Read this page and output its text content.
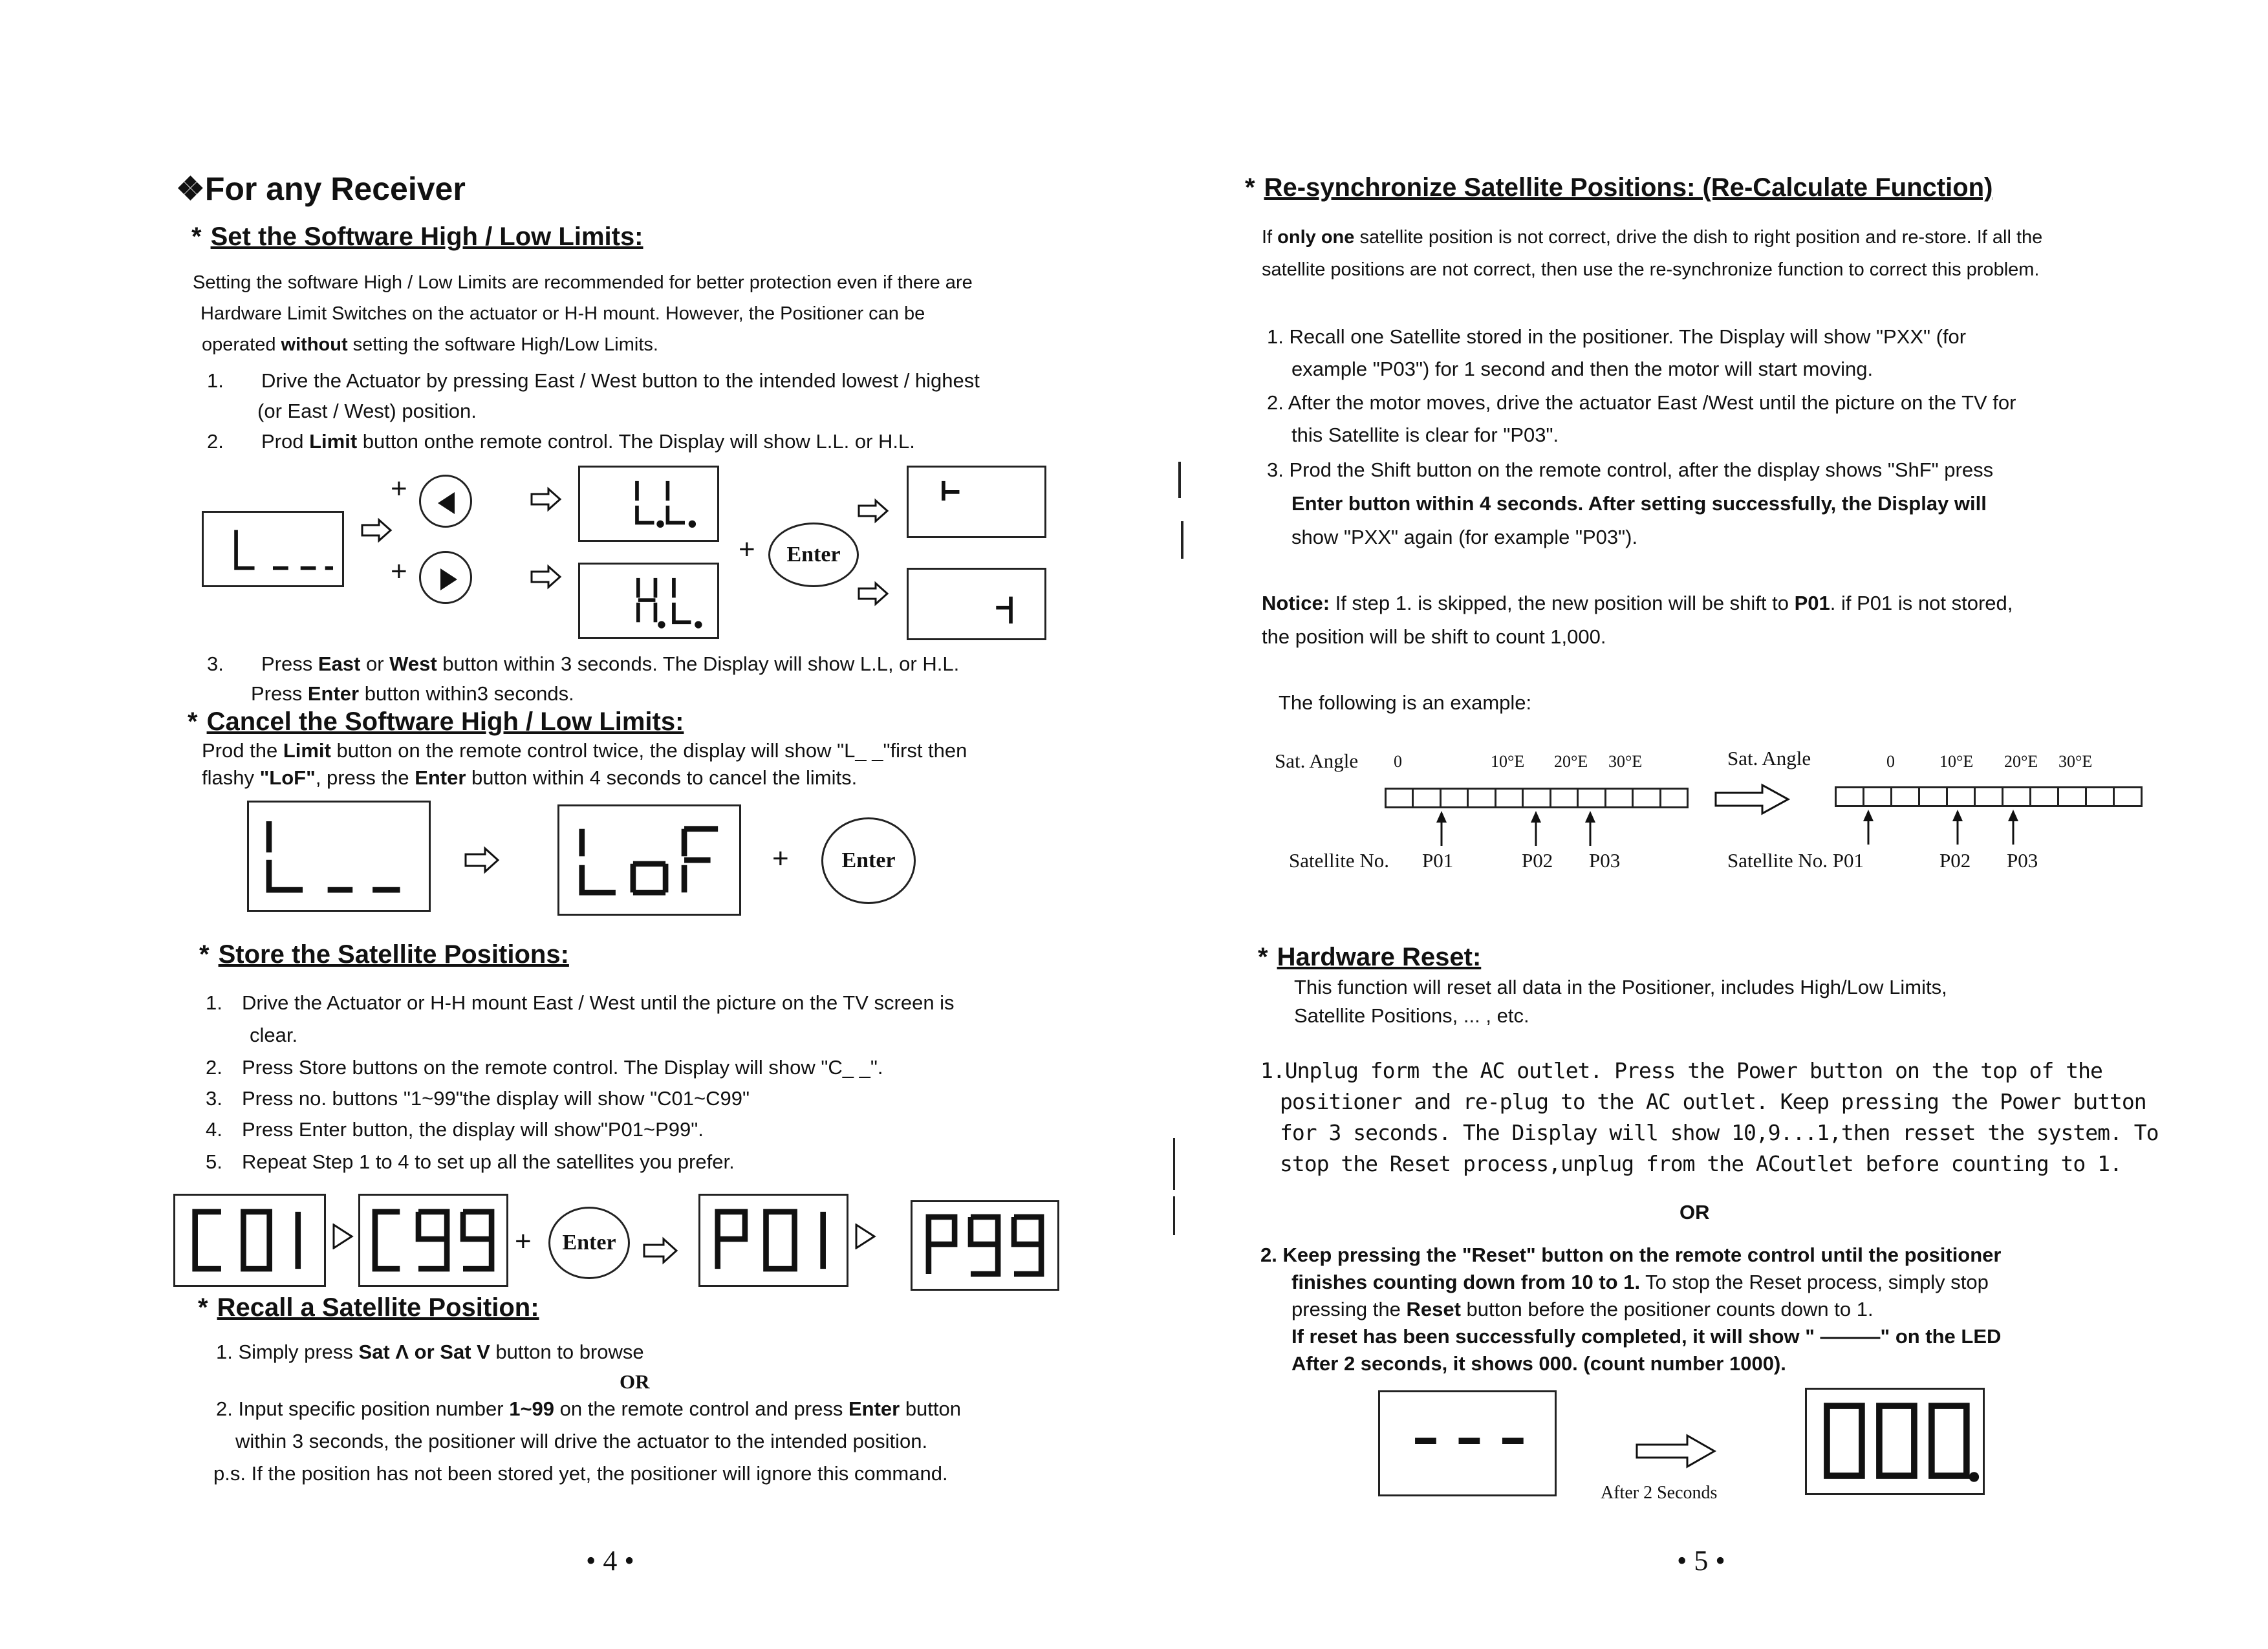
❖For any Receiver
* Set the Software High / Low Limits:
Setting the software High / Low Limits are recommended for better protection even if there are
Hardware Limit Switches on the actuator or H-H mount. However, the Positioner can be
operated without setting the software High/Low Limits.
1. Drive the Actuator by pressing East / West button to the intended lowest / highest
(or East / West) position.
2. Prod Limit button onthe remote control. The Display will show L.L. or H.L.
+
+
+	Enter
3. Press East or West button within 3 seconds. The Display will show L.L, or H.L.
Press Enter button within3 seconds.
* Cancel the Software High / Low Limits:
Prod the Limit button on the remote control twice, the display will show "L_ _"first then
flashy "LoF", press the Enter button within 4 seconds to cancel the limits.
+	Enter
* Store the Satellite Positions:
1. Drive the Actuator or H-H mount East / West until the picture on the TV screen is
clear.
2. Press Store buttons on the remote control. The Display will show "C_ _".
3. Press no. buttons "1~99"the display will show "C01~C99"
4. Press Enter button, the display will show"P01~P99".
5. Repeat Step 1 to 4 to set up all the satellites you prefer.
+	Enter
* Recall a Satellite Position:
1. Simply press Sat Λ or Sat V button to browse
OR
2. Input specific position number 1~99 on the remote control and press Enter button
within 3 seconds, the positioner will drive the actuator to the intended position.
p.s. If the position has not been stored yet, the positioner will ignore this command.
• 4 •
* Re-synchronize Satellite Positions: (Re-Calculate Function)
If only one satellite position is not correct, drive the dish to right position and re-store. If all the
satellite positions are not correct, then use the re-synchronize function to correct this problem.
1. Recall one Satellite stored in the positioner. The Display will show "PXX" (for
example "P03") for 1 second and then the motor will start moving.
2. After the motor moves, drive the actuator East /West until the picture on the TV for
this Satellite is clear for "P03".
3. Prod the Shift button on the remote control, after the display shows "ShF" press
Enter button within 4 seconds. After setting successfully, the Display will
show "PXX" again (for example "P03").
Notice: If step 1. is skipped, the new position will be shift to P01. if P01 is not stored,
the position will be shift to count 1,000.
The following is an example:
Sat. Angle 0	10°E 20°E 30°E
Satellite No. P01	P02 P03
Sat. Angle	0	10°E 20°E 30°E
Satellite No. P01	P02 P03
* Hardware Reset:
This function will reset all data in the Positioner, includes High/Low Limits,
Satellite Positions, ... , etc.
1.Unplug form the AC outlet. Press the Power button on the top of the
positioner and re-plug to the AC outlet. Keep pressing the Power button
for 3 seconds. The Display will show 10,9...1,then resset the system. To
stop the Reset process,unplug from the ACoutlet before counting to 1.
OR
2. Keep pressing the "Reset" button on the remote control until the positioner
finishes counting down from 10 to 1. To stop the Reset process, simply stop
pressing the Reset button before the positioner counts down to 1.
If reset has been successfully completed, it will show " ———" on the LED
After 2 seconds, it shows 000. (count number 1000).
After 2 Seconds
• 5 •
